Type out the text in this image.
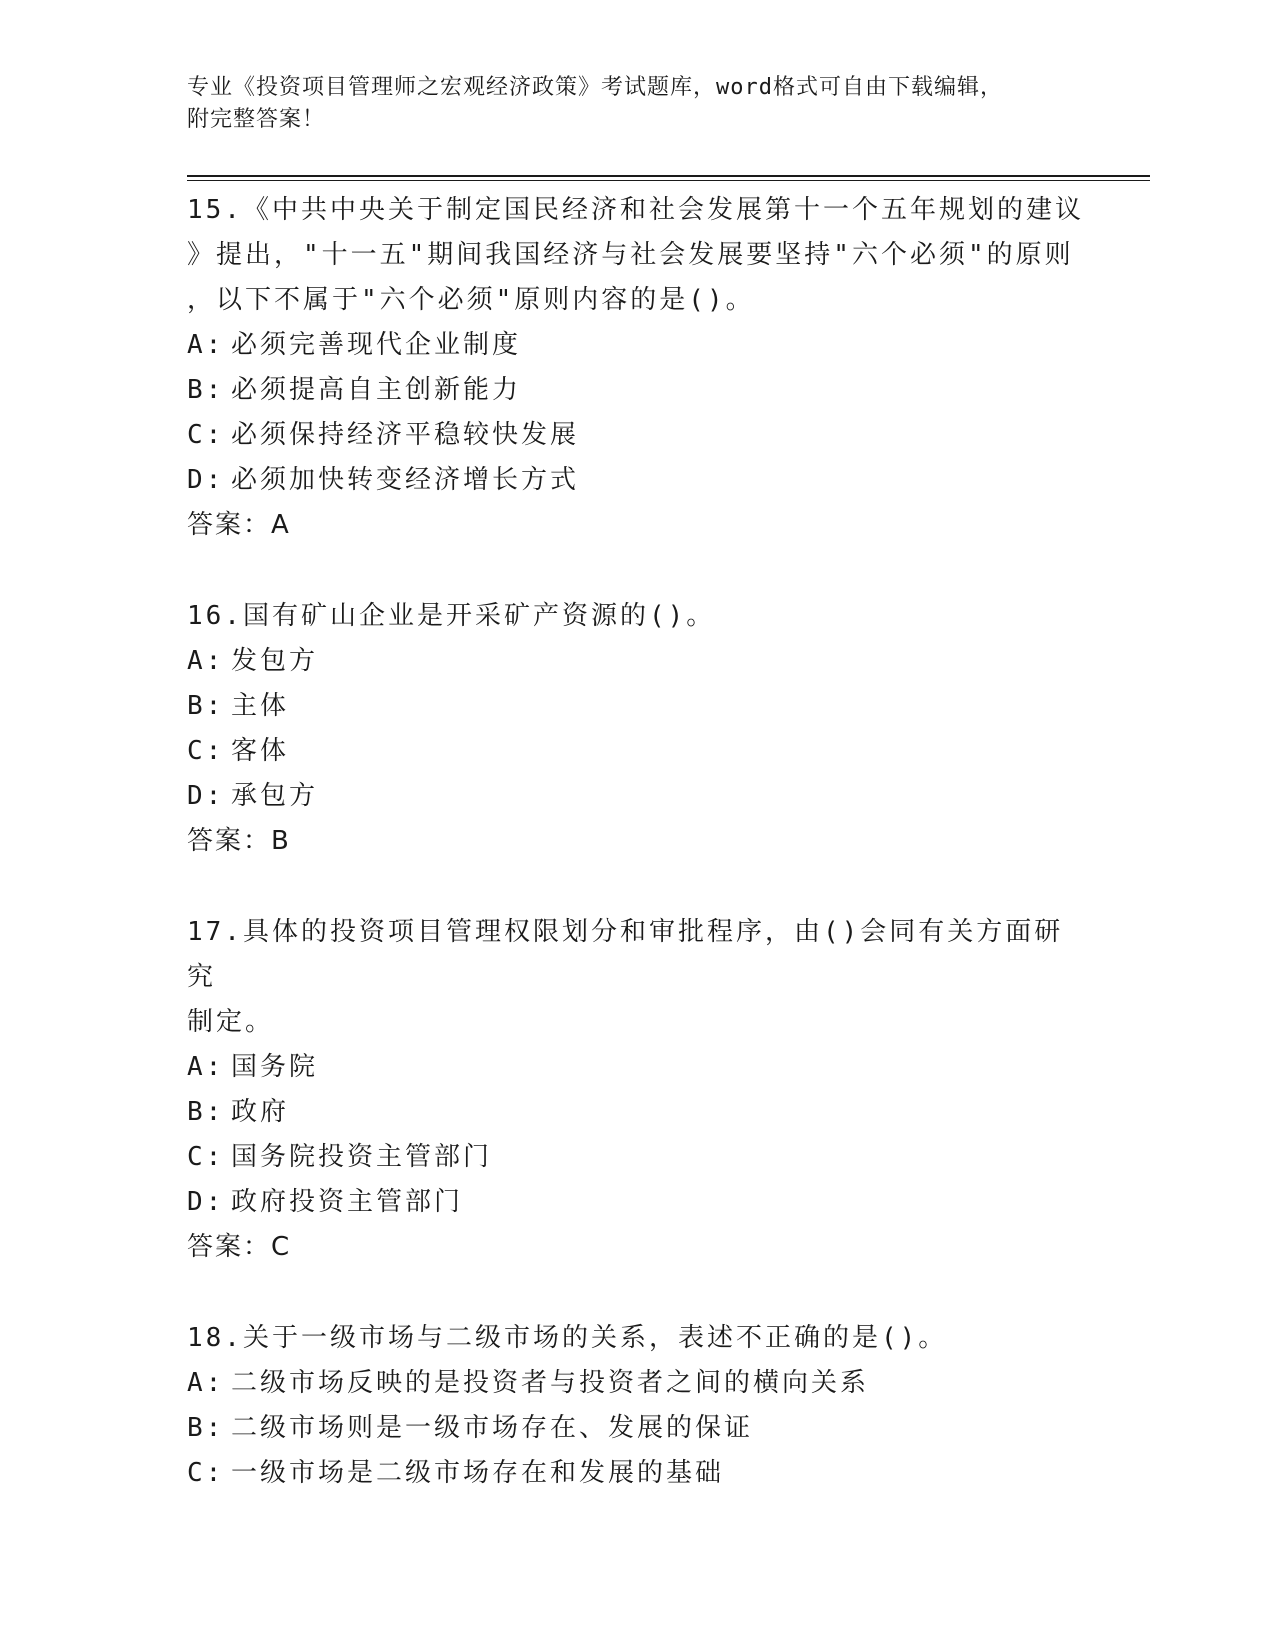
专业《投资项目管理师之宏观经济政策》考试题库，word格式可自由下载编辑，
附完整答案！
15.《中共中央关于制定国民经济和社会发展第十一个五年规划的建议
》提出，"十一五"期间我国经济与社会发展要坚持"六个必须"的原则
，以下不属于"六个必须"原则内容的是()。
A: 必须完善现代企业制度
B: 必须提高自主创新能力
C: 必须保持经济平稳较快发展
D: 必须加快转变经济增长方式
答案：A
16.国有矿山企业是开采矿产资源的()。
A: 发包方
B: 主体
C: 客体
D: 承包方
答案：B
17.具体的投资项目管理权限划分和审批程序，由()会同有关方面研究
制定。
A: 国务院
B: 政府
C: 国务院投资主管部门
D: 政府投资主管部门
答案：C
18.关于一级市场与二级市场的关系，表述不正确的是()。
A: 二级市场反映的是投资者与投资者之间的横向关系
B: 二级市场则是一级市场存在、发展的保证
C: 一级市场是二级市场存在和发展的基础
